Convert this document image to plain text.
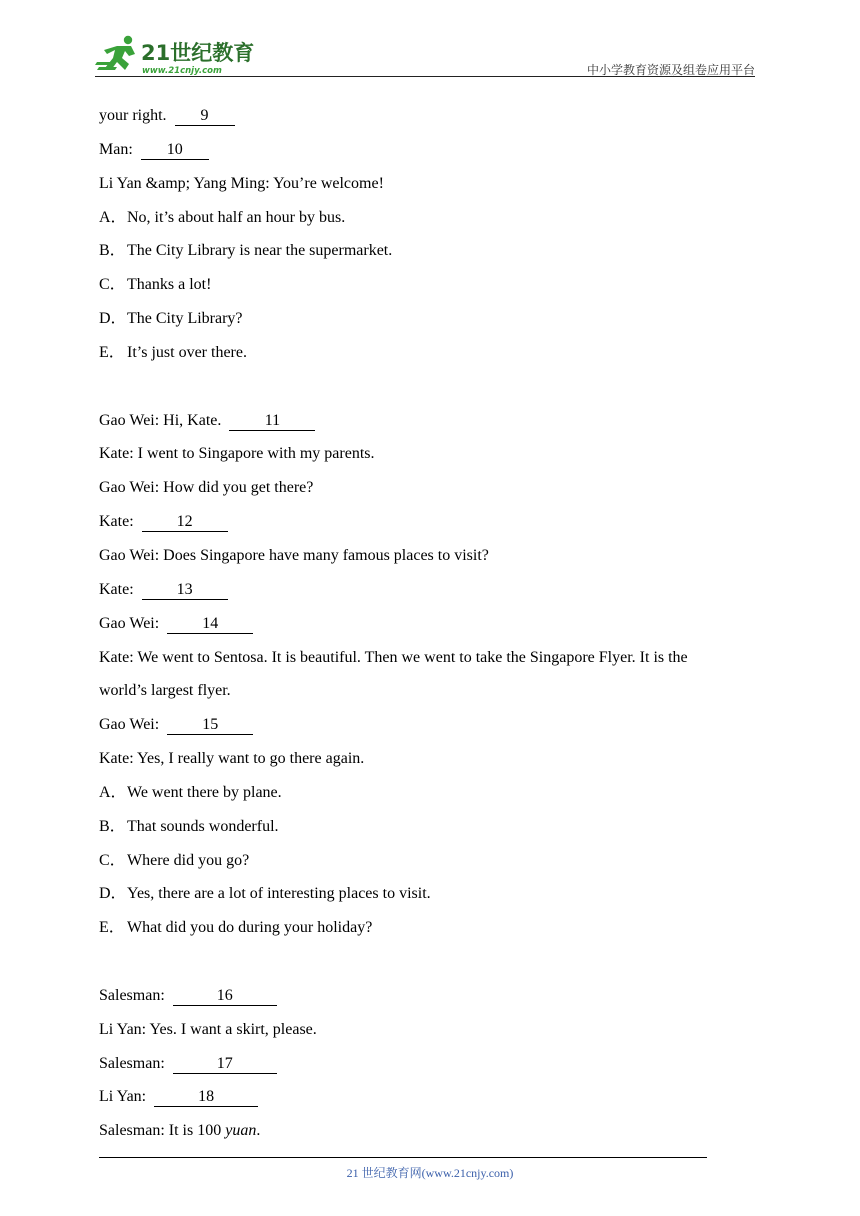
21世纪教育
www.21cnjy.com	中小学教育资源及组卷应用平台
your right. 9
Man: 10
Li Yan &amp; Yang Ming: You’re welcome!
A．No, it’s about half an hour by bus.
B．The City Library is near the supermarket.
C．Thanks a lot!
D．The City Library?
E． It’s just over there.
Gao Wei: Hi, Kate.	11
Kate: I went to Singapore with my parents.
Gao Wei: How did you get there?
Kate:	12
Gao Wei: Does Singapore have many famous places to visit?
Kate:	13
Gao Wei:	14
Kate: We went to Sentosa. It is beautiful. Then we went to take the Singapore Flyer. It is the
world’s largest flyer.
Gao Wei:	15
Kate: Yes, I really want to go there again.
A．We went there by plane.
B．That sounds wonderful.
C．Where did you go?
D．Yes, there are a lot of interesting places to visit.
E． What did you do during your holiday?
Salesman:	16
Li Yan: Yes. I want a skirt, please.
Salesman:	17
Li Yan:	18
Salesman: It is 100 yuan.
21 世纪教育网(www.21cnjy.com)
